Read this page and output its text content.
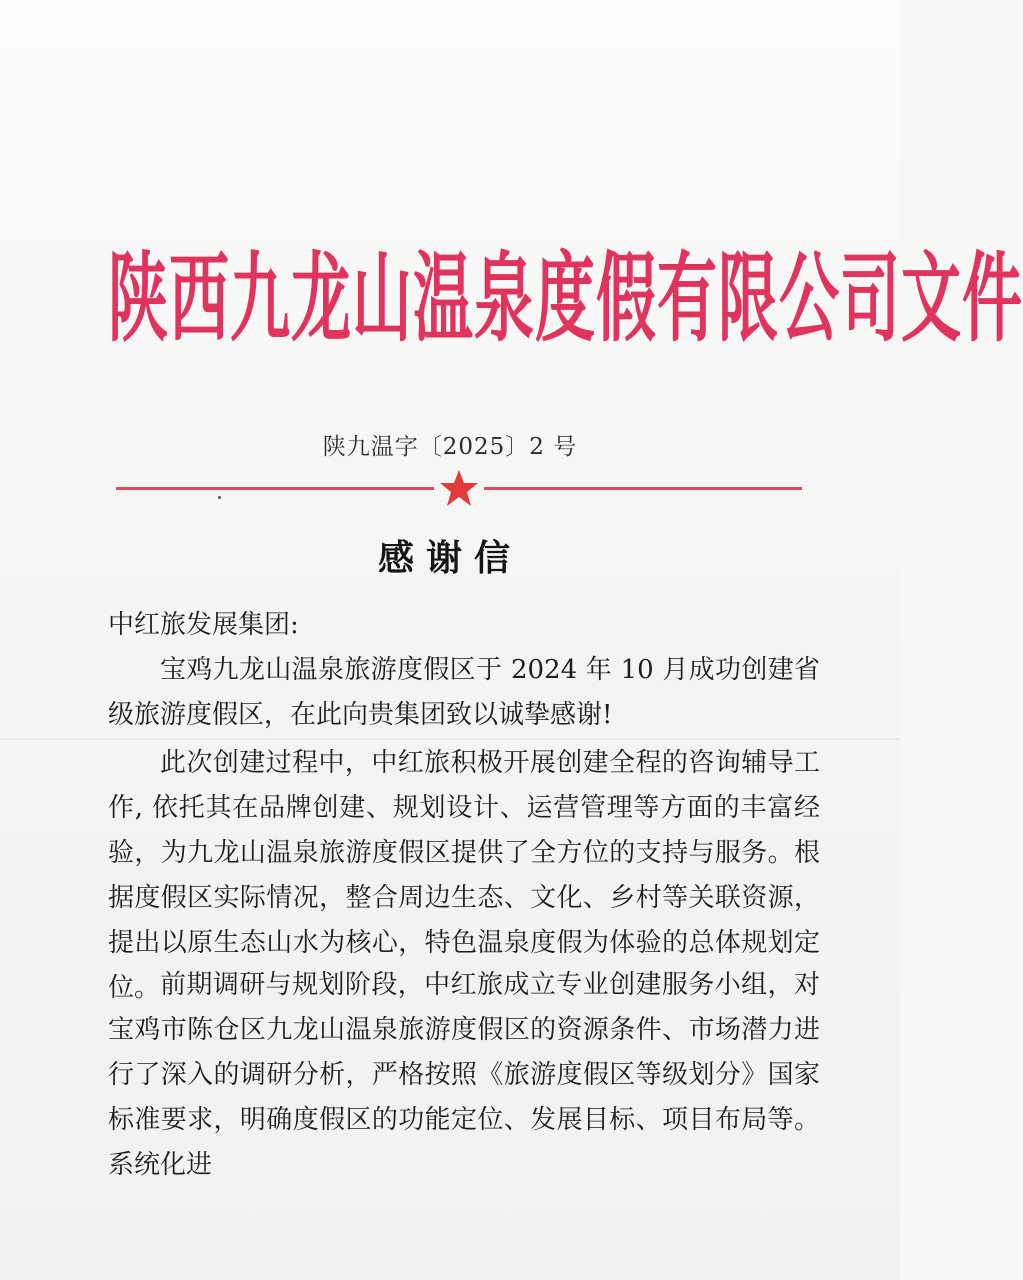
陕西九龙山温泉度假有限公司文件
陕九温字〔2025〕2 号
感谢信
中红旅发展集团:
宝鸡九龙山温泉旅游度假区于 2024 年 10 月成功创建省级旅游度假区，在此向贵集团致以诚挚感谢!
此次创建过程中，中红旅积极开展创建全程的咨询辅导工作, 依托其在品牌创建、规划设计、运营管理等方面的丰富经验，为九龙山温泉旅游度假区提供了全方位的支持与服务。根据度假区实际情况，整合周边生态、文化、乡村等关联资源，提出以原生态山水为核心，特色温泉度假为体验的总体规划定位。 前期调研与规划阶段，中红旅成立专业创建服务小组，对宝鸡市陈仓区九龙山温泉旅游度假区的资源条件、市场潜力进行了深入的调研分析，严格按照《旅游度假区等级划分》国家标准要求，明确度假区的功能定位、发展目标、项目布局等。系统化进
